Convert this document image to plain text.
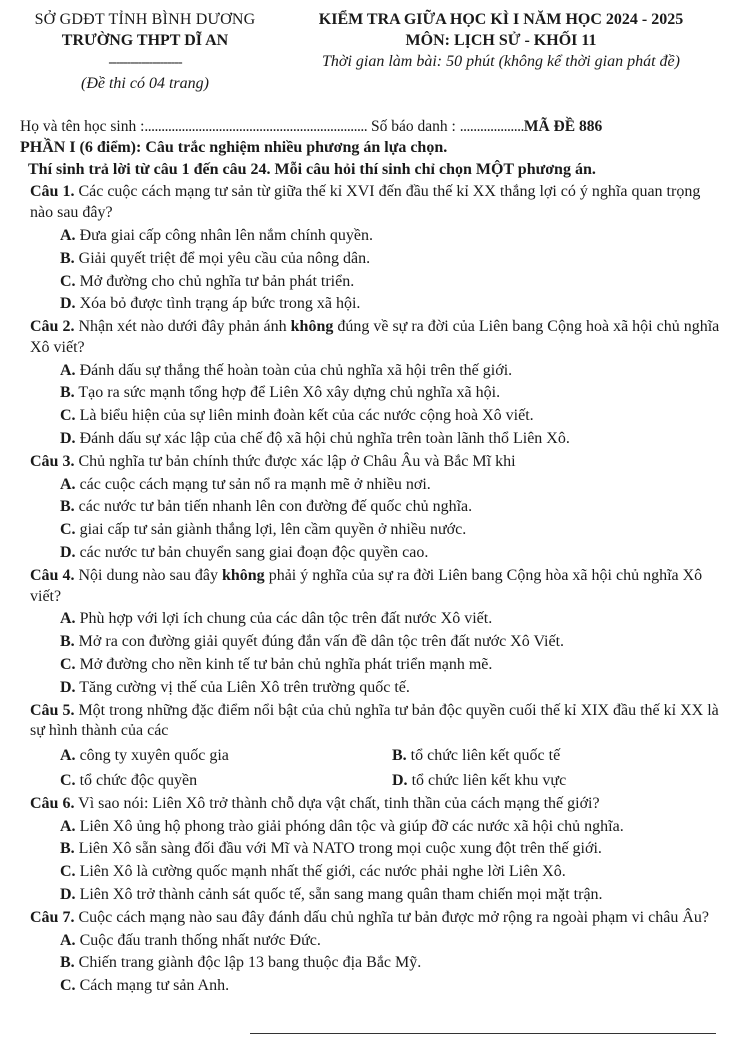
SỞ GDĐT TỈNH BÌNH DƯƠNG
TRƯỜNG THPT DĨ AN
--------------------
(Đề thi có 04 trang)
KIỂM TRA GIỮA HỌC KÌ I NĂM HỌC 2024 - 2025
MÔN: LỊCH SỬ - KHỐI 11
Thời gian làm bài: 50 phút (không kể thời gian phát đề)
Họ và tên học sinh : ..................................................................
Số báo danh :
................... MÃ ĐỀ 886
PHẦN I (6 điểm): Câu trắc nghiệm nhiều phương án lựa chọn.
Thí sinh trả lời từ câu 1 đến câu 24. Mỗi câu hỏi thí sinh chỉ chọn MỘT phương án.
Câu 1. Các cuộc cách mạng tư sản từ giữa thế kỉ XVI đến đầu thế kỉ XX thắng lợi có ý nghĩa quan trọng nào sau đây?
A. Đưa giai cấp công nhân lên nắm chính quyền.
B. Giải quyết triệt để mọi yêu cầu của nông dân.
C. Mở đường cho chủ nghĩa tư bản phát triển.
D. Xóa bỏ được tình trạng áp bức trong xã hội.
Câu 2. Nhận xét nào dưới đây phản ánh không đúng về sự ra đời của Liên bang Cộng hoà xã hội chủ nghĩa Xô viết?
A. Đánh dấu sự thắng thế hoàn toàn của chủ nghĩa xã hội trên thế giới.
B. Tạo ra sức mạnh tổng hợp để Liên Xô xây dựng chủ nghĩa xã hội.
C. Là biểu hiện của sự liên minh đoàn kết của các nước cộng hoà Xô viết.
D. Đánh dấu sự xác lập của chế độ xã hội chủ nghĩa trên toàn lãnh thổ Liên Xô.
Câu 3. Chủ nghĩa tư bản chính thức được xác lập ở Châu Âu và Bắc Mĩ khi
A. các cuộc cách mạng tư sản nổ ra mạnh mẽ ở nhiều nơi.
B. các nước tư bản tiến nhanh lên con đường đế quốc chủ nghĩa.
C. giai cấp tư sản giành thắng lợi, lên cầm quyền ở nhiều nước.
D. các nước tư bản chuyển sang giai đoạn độc quyền cao.
Câu 4. Nội dung nào sau đây không phải ý nghĩa của sự ra đời Liên bang Cộng hòa xã hội chủ nghĩa Xô viết?
A. Phù hợp với lợi ích chung của các dân tộc trên đất nước Xô viết.
B. Mở ra con đường giải quyết đúng đắn vấn đề dân tộc trên đất nước Xô Viết.
C. Mở đường cho nền kinh tế tư bản chủ nghĩa phát triển mạnh mẽ.
D. Tăng cường vị thế của Liên Xô trên trường quốc tế.
Câu 5. Một trong những đặc điểm nổi bật của chủ nghĩa tư bản độc quyền cuối thế kỉ XIX đầu thế kỉ XX là sự hình thành của các
A. công ty xuyên quốc gia	B. tổ chức liên kết quốc tế
C. tổ chức độc quyền	D. tổ chức liên kết khu vực
Câu 6. Vì sao nói: Liên Xô trở thành chỗ dựa vật chất, tinh thần của cách mạng thế giới?
A. Liên Xô ủng hộ phong trào giải phóng dân tộc và giúp đỡ các nước xã hội chủ nghĩa.
B. Liên Xô sẵn sàng đối đầu với Mĩ và NATO trong mọi cuộc xung đột trên thế giới.
C. Liên Xô là cường quốc mạnh nhất thế giới, các nước phải nghe lời Liên Xô.
D. Liên Xô trở thành cảnh sát quốc tế, sẵn sang mang quân tham chiến mọi mặt trận.
Câu 7. Cuộc cách mạng nào sau đây đánh dấu chủ nghĩa tư bản được mở rộng ra ngoài phạm vi châu Âu?
A. Cuộc đấu tranh thống nhất nước Đức.
B. Chiến trang giành độc lập 13 bang thuộc địa Bắc Mỹ.
C. Cách mạng tư sản Anh.
